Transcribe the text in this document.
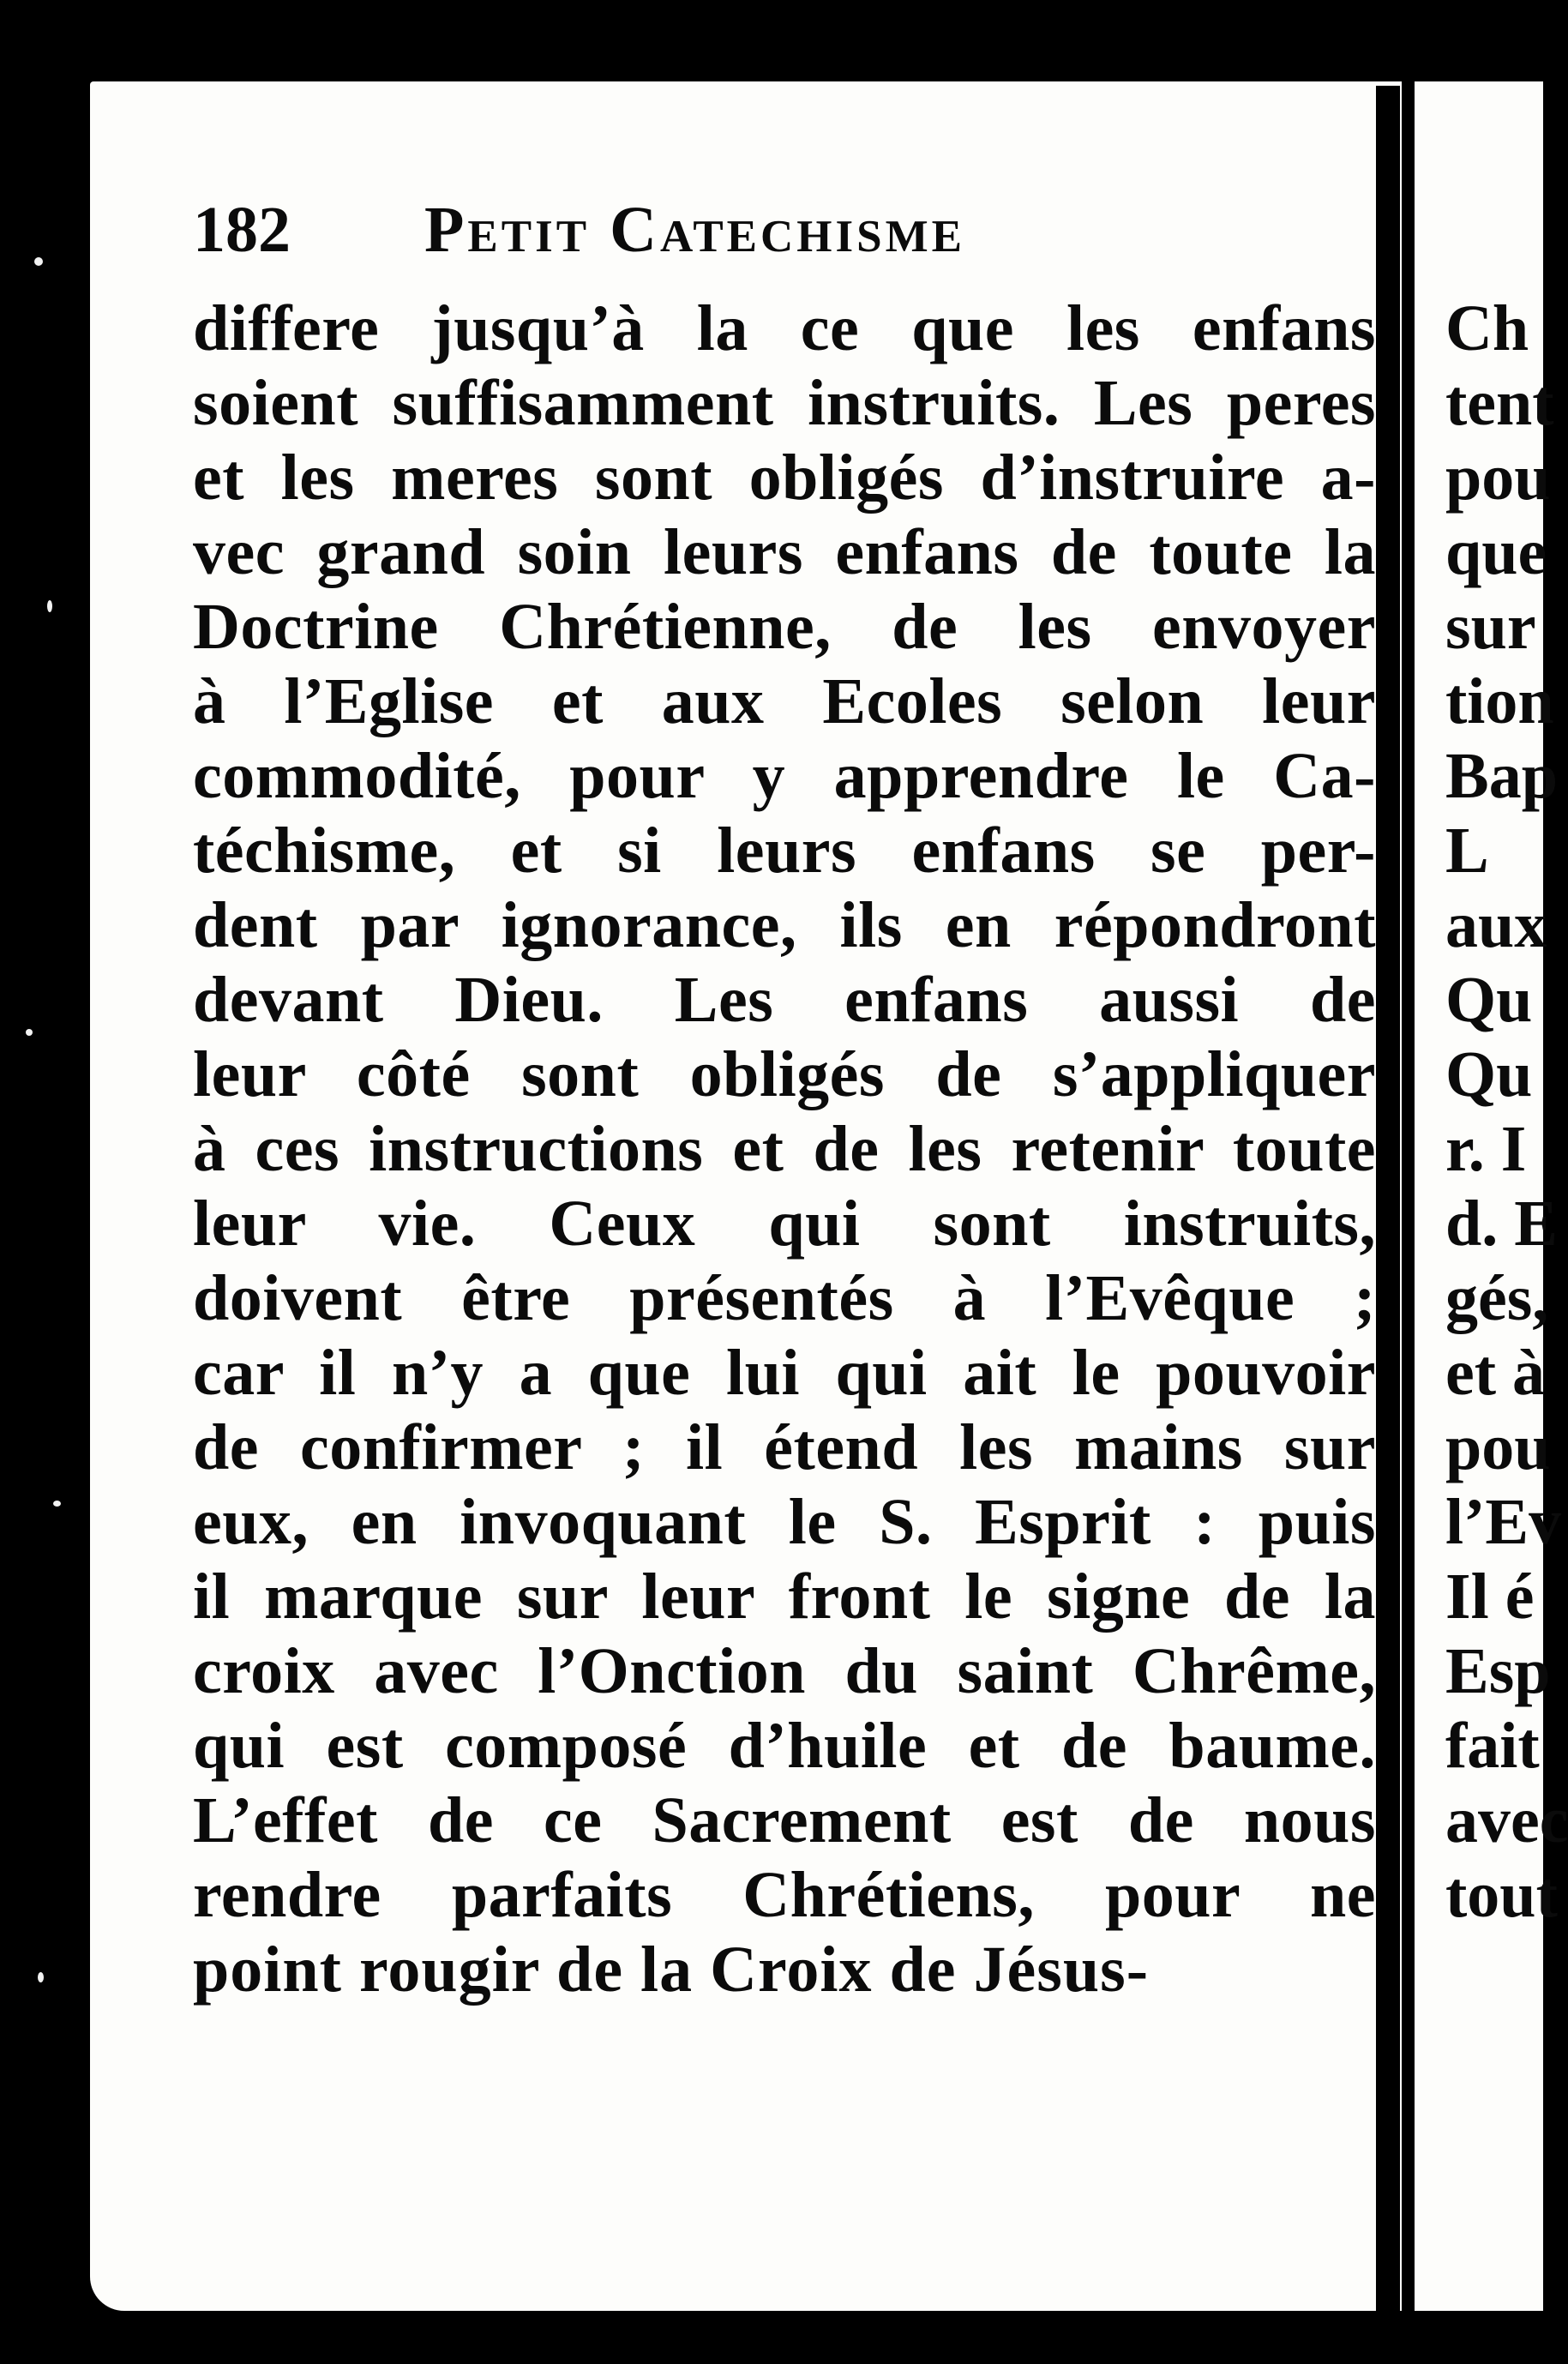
182 Petit Catechisme
differe jusqu’à la ce que les enfans
soient suffisamment instruits. Les peres
et les meres sont obligés d’instruire a-
vec grand soin leurs enfans de toute la
Doctrine Chrétienne, de les envoyer
à l’Eglise et aux Ecoles selon leur
commodité, pour y apprendre le Ca-
téchisme, et si leurs enfans se per-
dent par ignorance, ils en répondront
devant Dieu. Les enfans aussi de
leur côté sont obligés de s’appliquer
à ces instructions et de les retenir toute
leur vie. Ceux qui sont instruits,
doivent être présentés à l’Evêque ;
car il n’y a que lui qui ait le pouvoir
de confirmer ; il étend les mains sur
eux, en invoquant le S. Esprit : puis
il marque sur leur front le signe de la
croix avec l’Onction du saint Chrême,
qui est composé d’huile et de baume.
L’effet de ce Sacrement est de nous
rendre parfaits Chrétiens, pour ne
point rougir de la Croix de Jésus-
Ch
tent
pou
que
sur
tion
Bap
L
aux
Qu
Qu
r. I
d. E
gés,
et à
pou
l’Ev
Il é
Esp
fait
avec
tout
